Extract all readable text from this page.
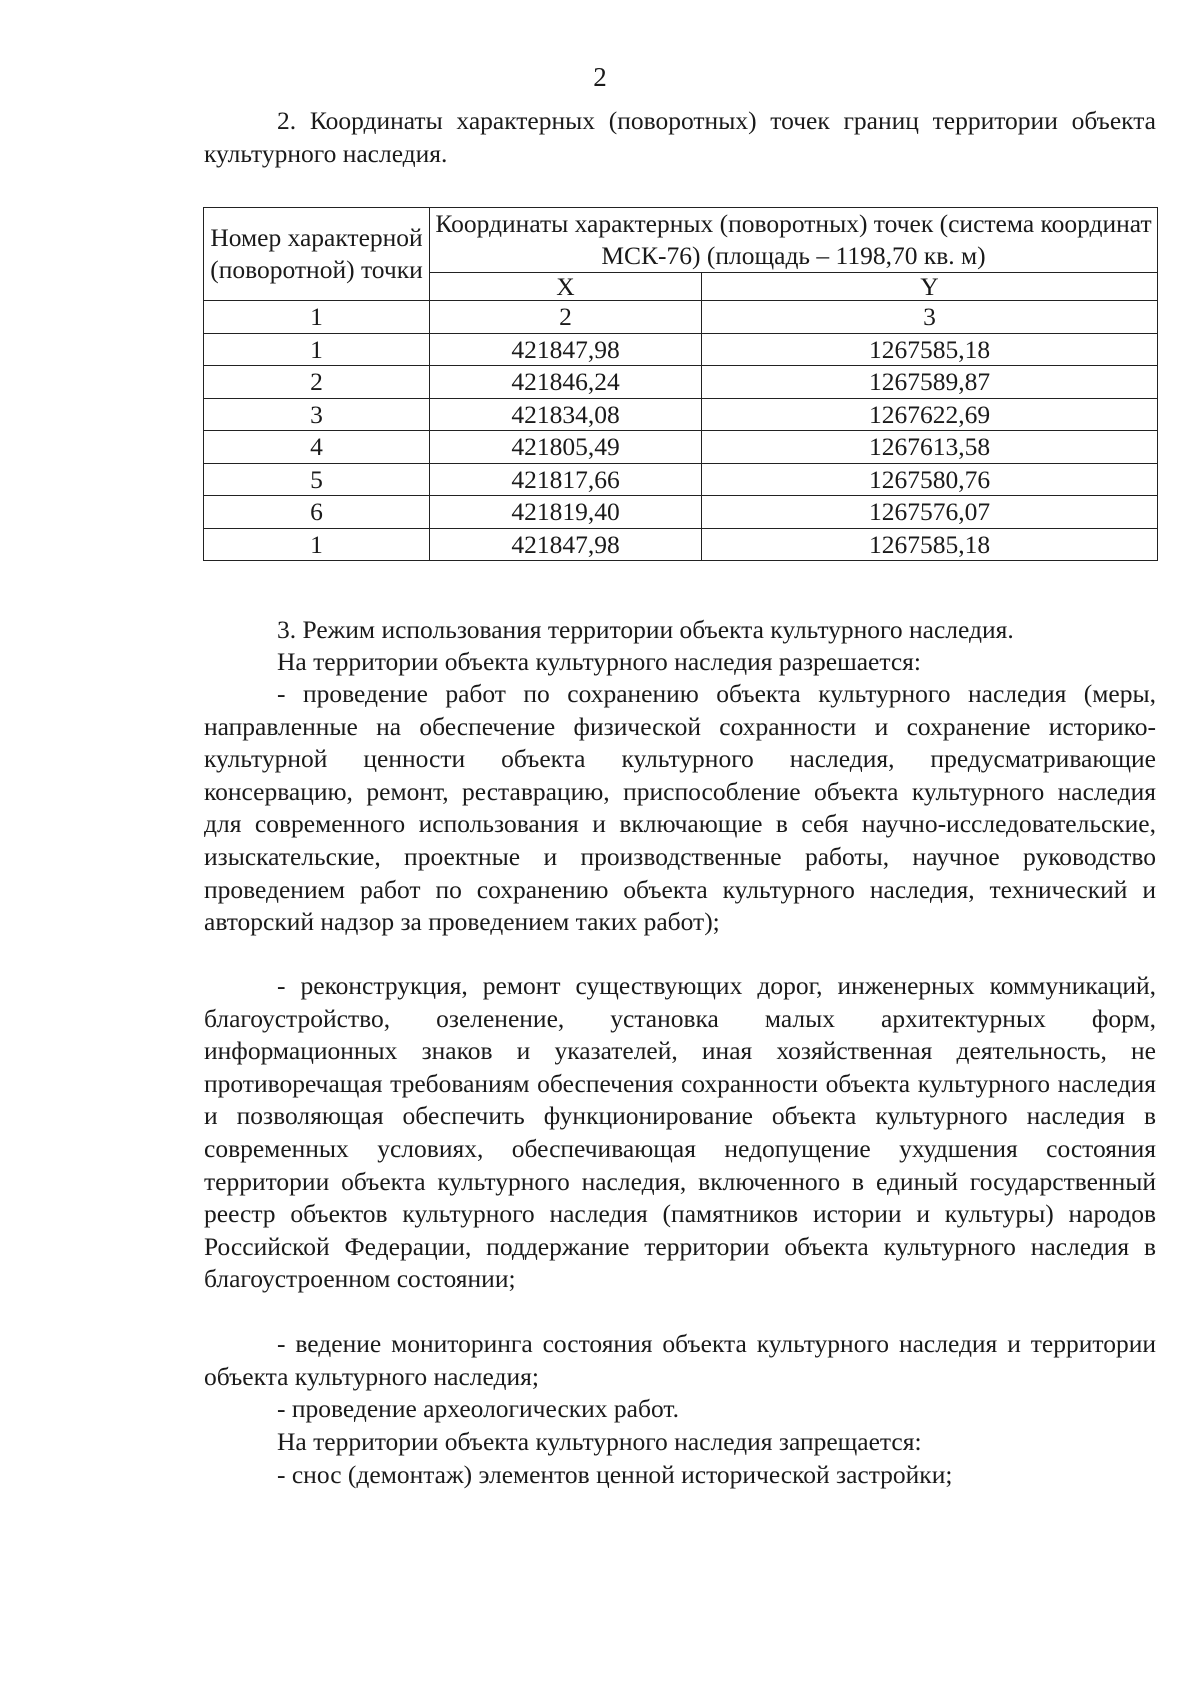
2

2. Координаты характерных (поворотных) точек границ территории объекта культурного наследия.

Номер характерной (поворотной) точки	Координаты характерных (поворотных) точек (система координат МСК-76) (площадь – 1198,70 кв. м)	
	X	Y
1	2	3
1	421847,98	1267585,18
2	421846,24	1267589,87
3	421834,08	1267622,69
4	421805,49	1267613,58
5	421817,66	1267580,76
6	421819,40	1267576,07
1	421847,98	1267585,18

3. Режим использования территории объекта культурного наследия.

На территории объекта культурного наследия разрешается:

- проведение работ по сохранению объекта культурного наследия (меры, направленные на обеспечение физической сохранности и сохранение историко-культурной ценности объекта культурного наследия, предусматривающие консервацию, ремонт, реставрацию, приспособление объекта культурного наследия для современного использования и включающие в себя научно-исследовательские, изыскательские, проектные и производственные работы, научное руководство проведением работ по сохранению объекта культурного наследия, технический и авторский надзор за проведением таких работ);

- реконструкция, ремонт существующих дорог, инженерных коммуникаций, благоустройство, озеленение, установка малых архитектурных форм, информационных знаков и указателей, иная хозяйственная деятельность, не противоречащая требованиям обеспечения сохранности объекта культурного наследия и позволяющая обеспечить функционирование объекта культурного наследия в современных условиях, обеспечивающая недопущение ухудшения состояния территории объекта культурного наследия, включенного в единый государственный реестр объектов культурного наследия (памятников истории и культуры) народов Российской Федерации, поддержание территории объекта культурного наследия в благоустроенном состоянии;

- ведение мониторинга состояния объекта культурного наследия и территории объекта культурного наследия;

- проведение археологических работ.

На территории объекта культурного наследия запрещается:

- снос (демонтаж) элементов ценной исторической застройки;
